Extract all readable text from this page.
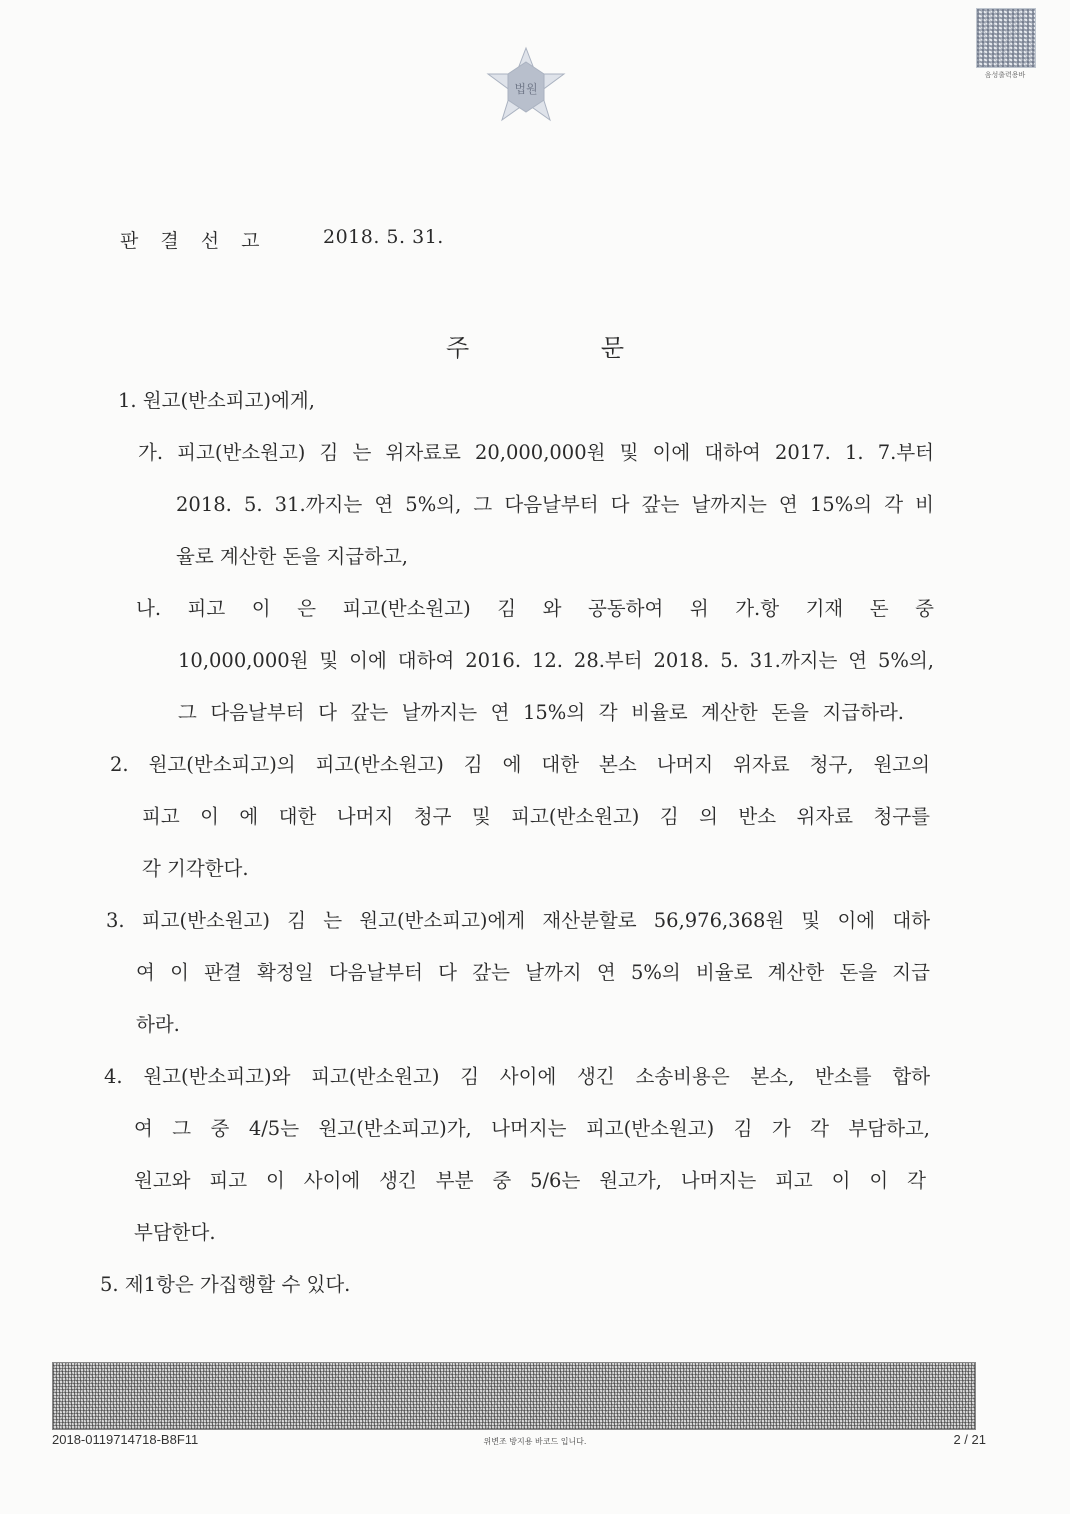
음성출력용바
법원
판 결 선 고	2018. 5. 31.
주 문
1. 원고(반소피고)에게,
가. 피고(반소원고) 김 는 위자료로 20,000,000원 및 이에 대하여 2017. 1. 7.부터
2018. 5. 31.까지는 연 5%의, 그 다음날부터 다 갚는 날까지는 연 15%의 각 비
율로 계산한 돈을 지급하고,
나. 피고 이 은 피고(반소원고) 김 와 공동하여 위 가.항 기재 돈 중
10,000,000원 및 이에 대하여 2016. 12. 28.부터 2018. 5. 31.까지는 연 5%의,
그 다음날부터 다 갚는 날까지는 연 15%의 각 비율로 계산한 돈을 지급하라.
2. 원고(반소피고)의 피고(반소원고) 김 에 대한 본소 나머지 위자료 청구, 원고의
피고 이 에 대한 나머지 청구 및 피고(반소원고) 김 의 반소 위자료 청구를
각 기각한다.
3. 피고(반소원고) 김 는 원고(반소피고)에게 재산분할로 56,976,368원 및 이에 대하
여 이 판결 확정일 다음날부터 다 갚는 날까지 연 5%의 비율로 계산한 돈을 지급
하라.
4. 원고(반소피고)와 피고(반소원고) 김 사이에 생긴 소송비용은 본소, 반소를 합하
여 그 중 4/5는 원고(반소피고)가, 나머지는 피고(반소원고) 김 가 각 부담하고,
원고와 피고 이 사이에 생긴 부분 중 5/6는 원고가, 나머지는 피고 이 이 각
부담한다.
5. 제1항은 가집행할 수 있다.
2018-0119714718-B8F11	위변조 방지용 바코드 입니다.	2 / 21
